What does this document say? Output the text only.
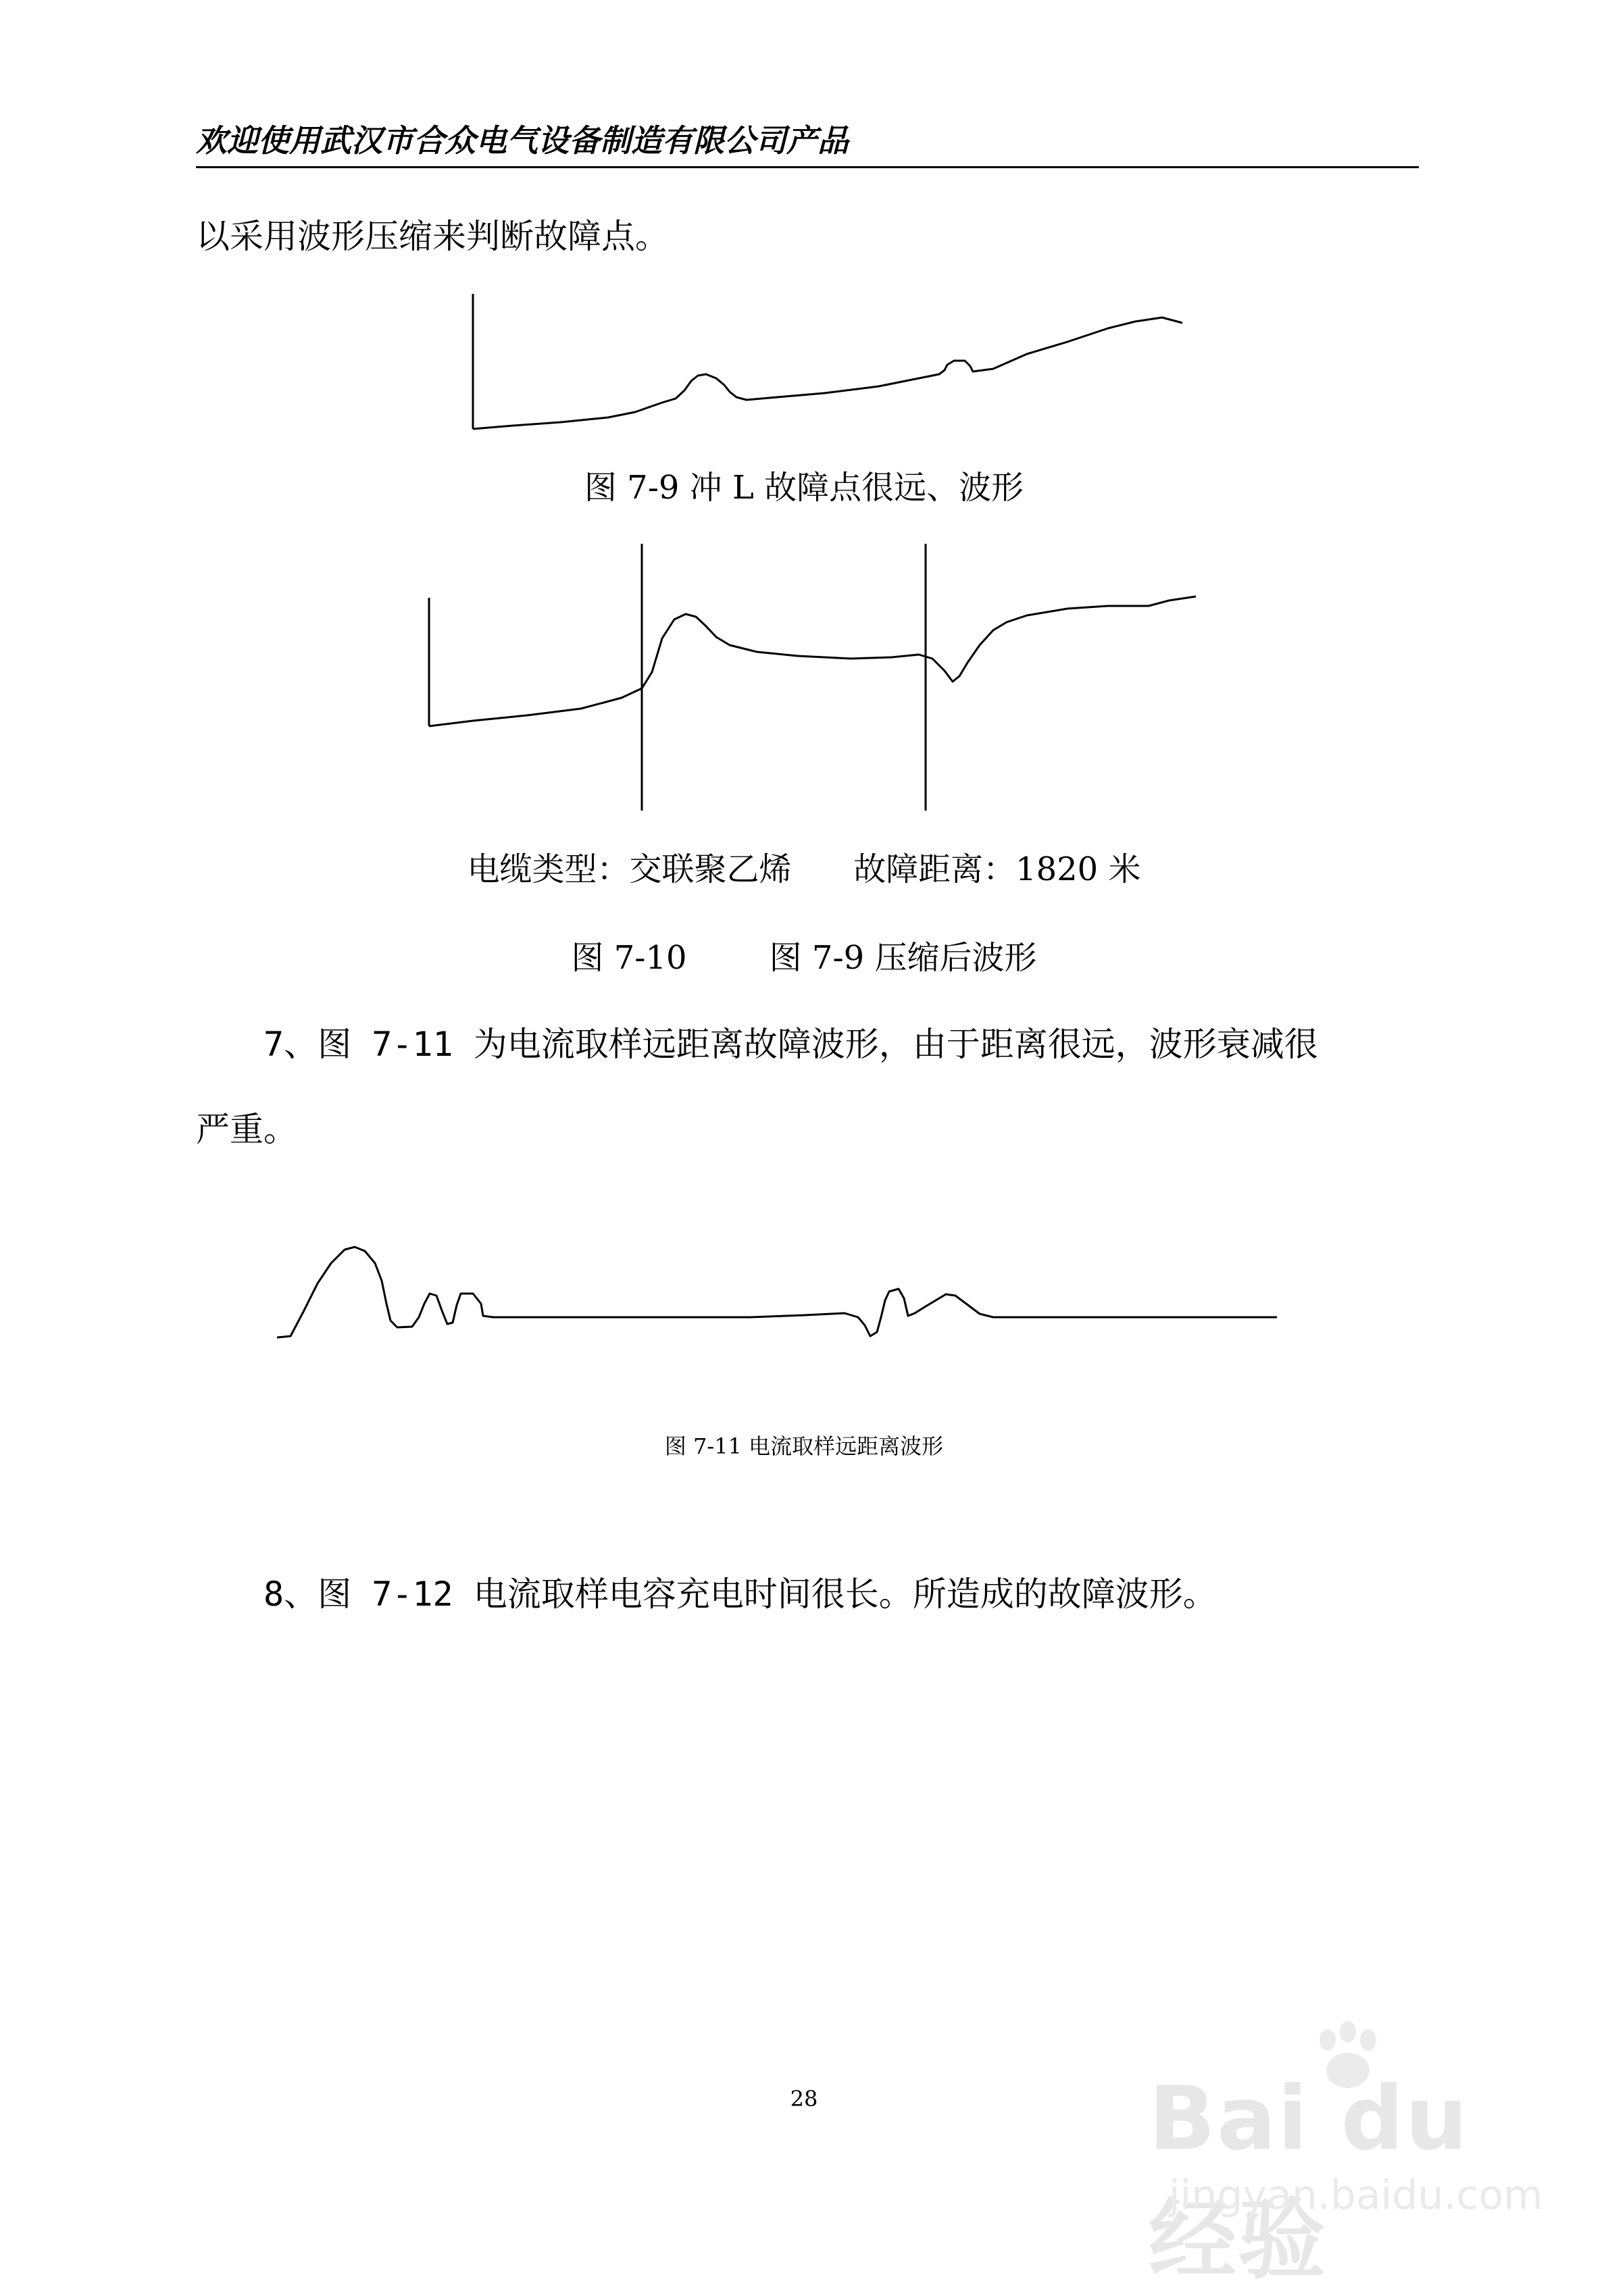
欢迎使用武汉市合众电气设备制造有限公司产品
以采用波形压缩来判断故障点。
图 7-9 冲 L 故障点很远、波形
电缆类型：交联聚乙烯      故障距离：1820 米
图 7-10        图 7-9 压缩后波形
7、图 7-11 为电流取样远距离故障波形，由于距离很远，波形衰减很
严重。
图 7-11 电流取样远距离波形
8、图 7-12 电流取样电容充电时间很长。所造成的故障波形。
28	Bai du 经验
jingyan.baidu.com
